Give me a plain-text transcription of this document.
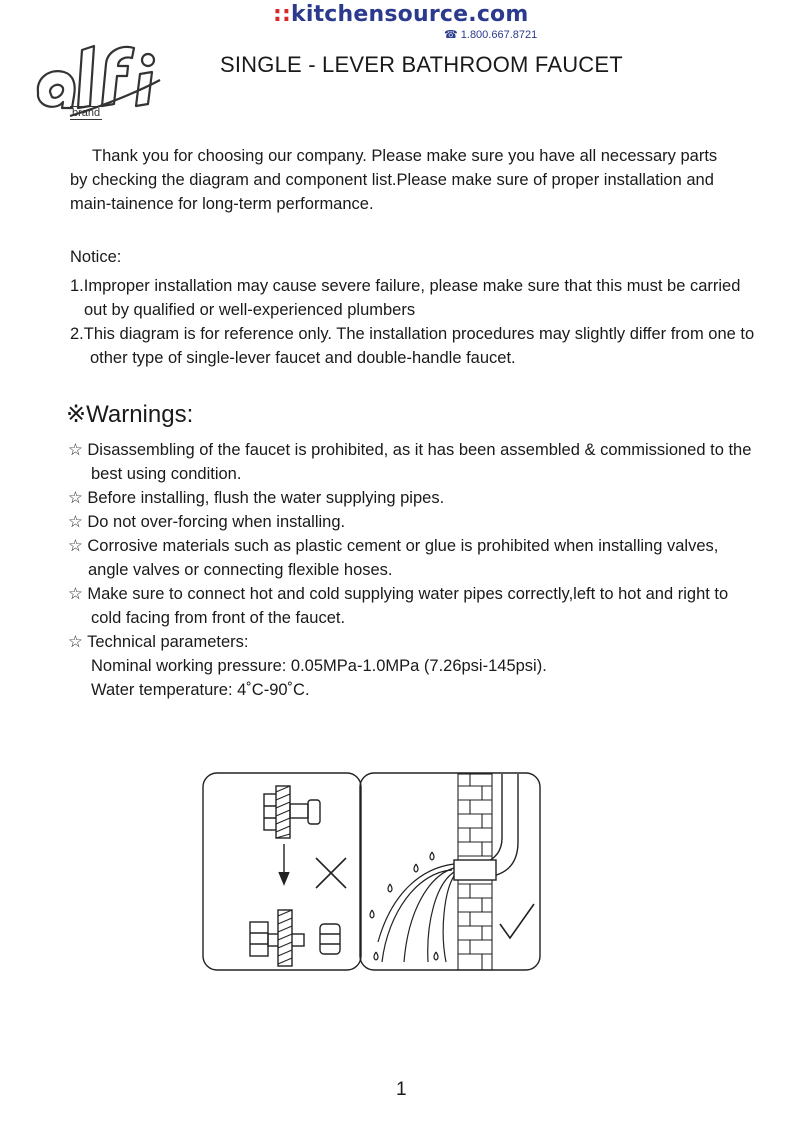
brand
::kitchensource.com
☎ 1.800.667.8721
SINGLE - LEVER BATHROOM FAUCET
Thank you for choosing our company. Please make sure you have all necessary parts by checking the diagram and component list.Please make sure of proper installation and main-tainence for long-term performance.
Notice:
1.Improper installation may cause severe failure, please make sure that this must be carried
out by qualified or well-experienced plumbers
2.This diagram is for reference only. The installation procedures may slightly differ from one to
other type of single-lever faucet and double-handle faucet.
※Warnings:
☆ Disassembling of the faucet is prohibited, as it has been assembled & commissioned to the
best using condition.
☆ Before installing, flush the water supplying pipes.
☆ Do not over-forcing when installing.
☆ Corrosive materials such as plastic cement or glue is prohibited when installing valves,
angle valves or connecting flexible hoses.
☆ Make sure to connect hot and cold supplying water pipes correctly,left to hot and right to
cold facing from front of the faucet.
☆ Technical parameters:
Nominal working pressure: 0.05MPa-1.0MPa (7.26psi-145psi).
Water temperature: 4˚C-90˚C.
1
